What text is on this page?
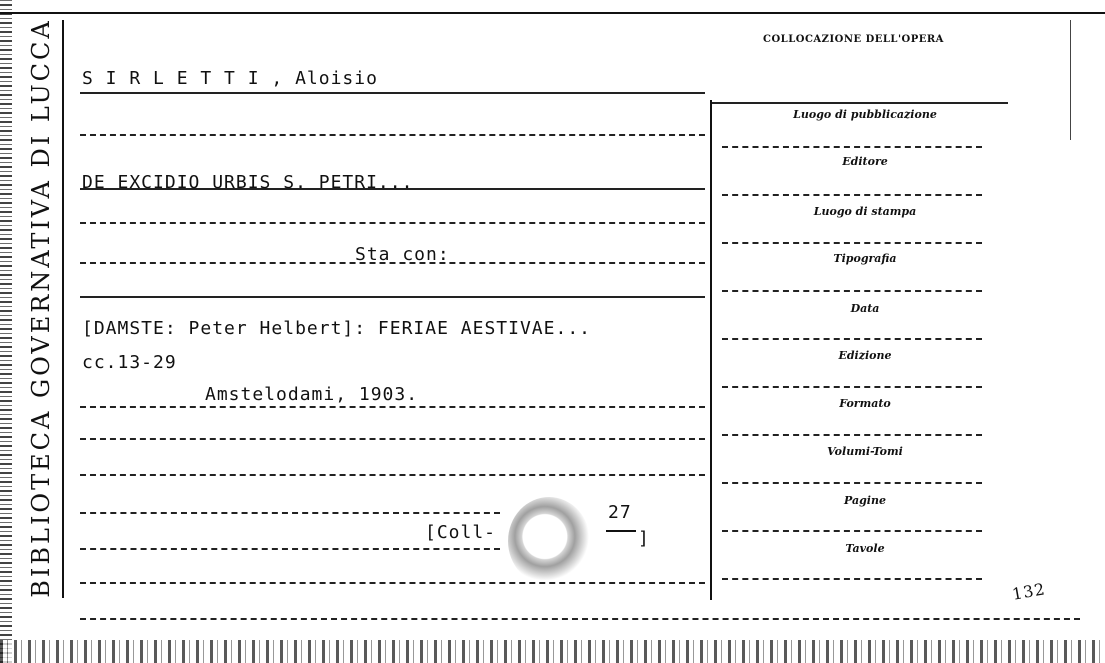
BIBLIOTECA GOVERNATIVA DI LUCCA	COLLOCAZIONE DELL'OPERA
Luogo di pubblicazione
Editore
Luogo di stampa
Tipografia
Data
Edizione
Formato
Volumi-Tomi
Pagine
Tavole
S I R L E T T I , Aloisio
DE EXCIDIO URBIS S. PETRI...
Sta con:
[DAMSTE: Peter Helbert]: FERIAE AESTIVAE...
cc.13-29
Amstelodami, 1903.
[Coll-
27
]
132
